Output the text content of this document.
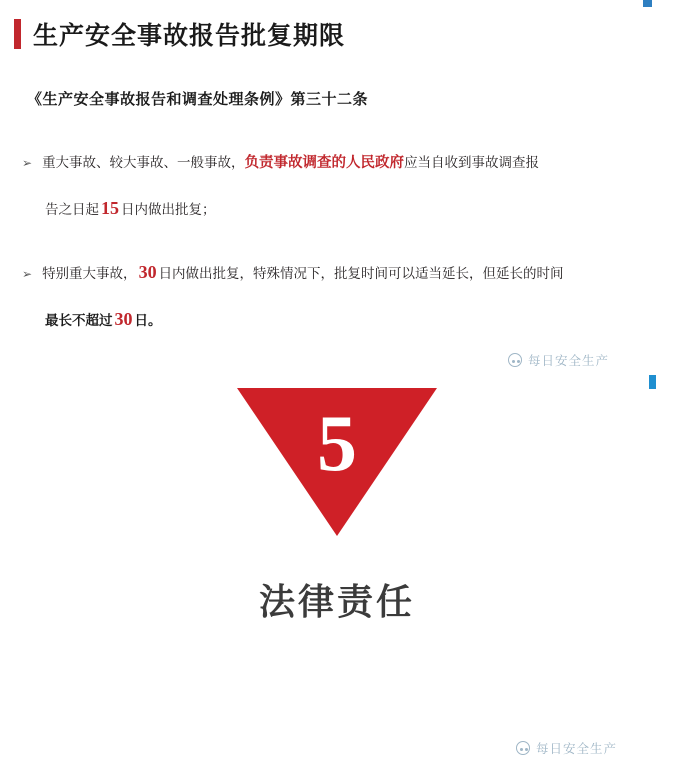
生产安全事故报告批复期限
《生产安全事故报告和调查处理条例》第三十二条
➢ 重大事故、较大事故、一般事故，负责事故调查的人民政府应当自收到事故调查报
告之日起 15 日内做出批复；
➢ 特别重大事故， 30 日内做出批复，特殊情况下，批复时间可以适当延长，但延长的时间
最长不超过 30 日。
每日安全生产
5
法律责任
每日安全生产
